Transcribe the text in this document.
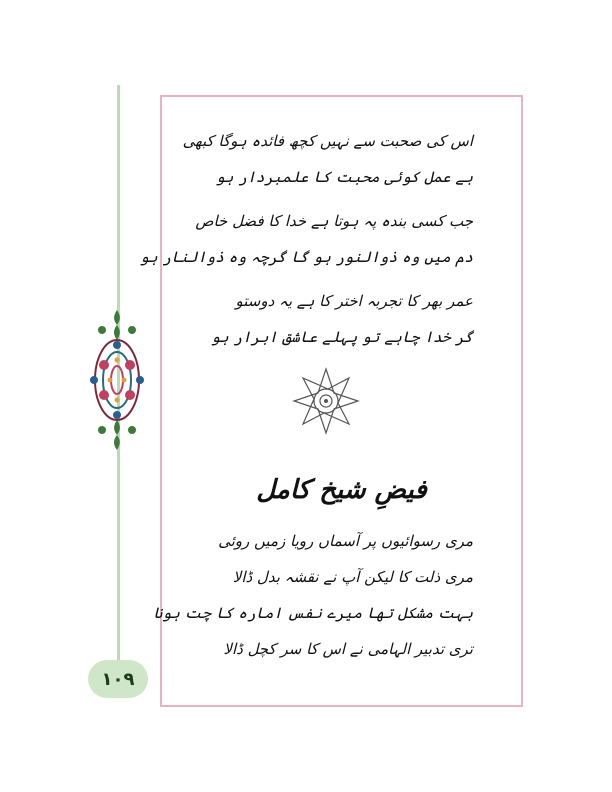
۱۰۹
اس کی صحبت سے نہیں کچھ فائدہ ہوگا کبھی
بے عمل کوئی محبت کا علمبردار ہو
جب کسی بندہ پہ ہوتا ہے خدا کا فضل خاص
دم میں وہ ذوالنور ہو گا گرچہ وہ ذوالنار ہو
عمر بھر کا تجربہ اختر کا ہے یہ دوستو
گر خدا چاہے تو پہلے عاشق ابرار ہو
فیضِ شیخ کامل
مری رسوائیوں پر آسماں رویا زمیں روئی
مری ذلت کا لیکن آپ نے نقشہ بدل ڈالا
بہت مشکل تھا میرے نفس امارہ کا چت ہونا
تری تدبیر الہامی نے اس کا سر کچل ڈالا
